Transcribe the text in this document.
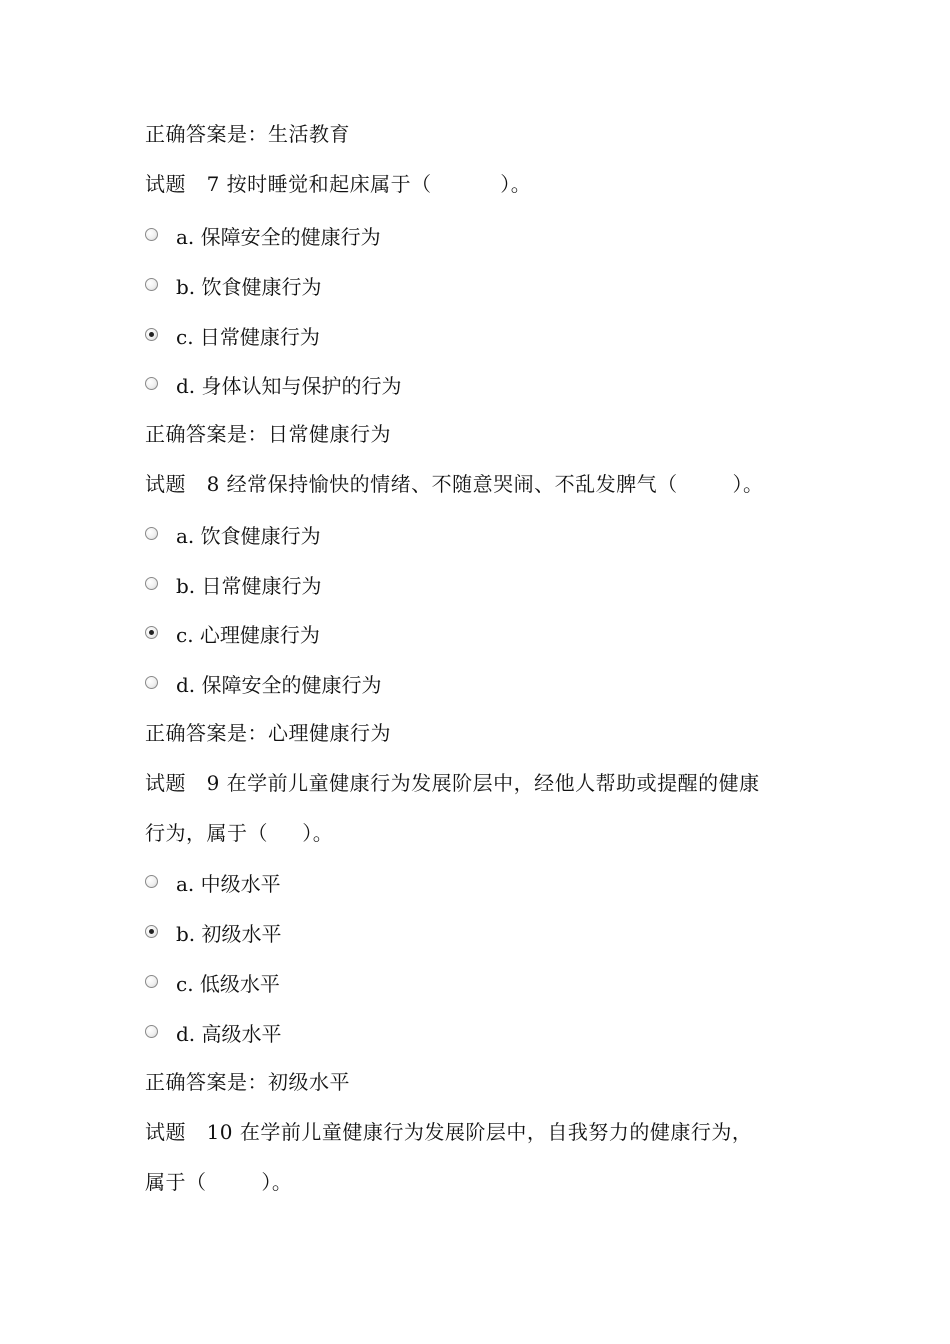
正确答案是：生活教育
试题   7 按时睡觉和起床属于（          ）。
a. 保障安全的健康行为
b. 饮食健康行为
c. 日常健康行为
d. 身体认知与保护的行为
正确答案是：日常健康行为
试题   8 经常保持愉快的情绪、不随意哭闹、不乱发脾气（        ）。
a. 饮食健康行为
b. 日常健康行为
c. 心理健康行为
d. 保障安全的健康行为
正确答案是：心理健康行为
试题   9 在学前儿童健康行为发展阶层中，经他人帮助或提醒的健康
行为，属于（     ）。
a. 中级水平
b. 初级水平
c. 低级水平
d. 高级水平
正确答案是：初级水平
试题   10 在学前儿童健康行为发展阶层中，自我努力的健康行为，
属于（        ）。
